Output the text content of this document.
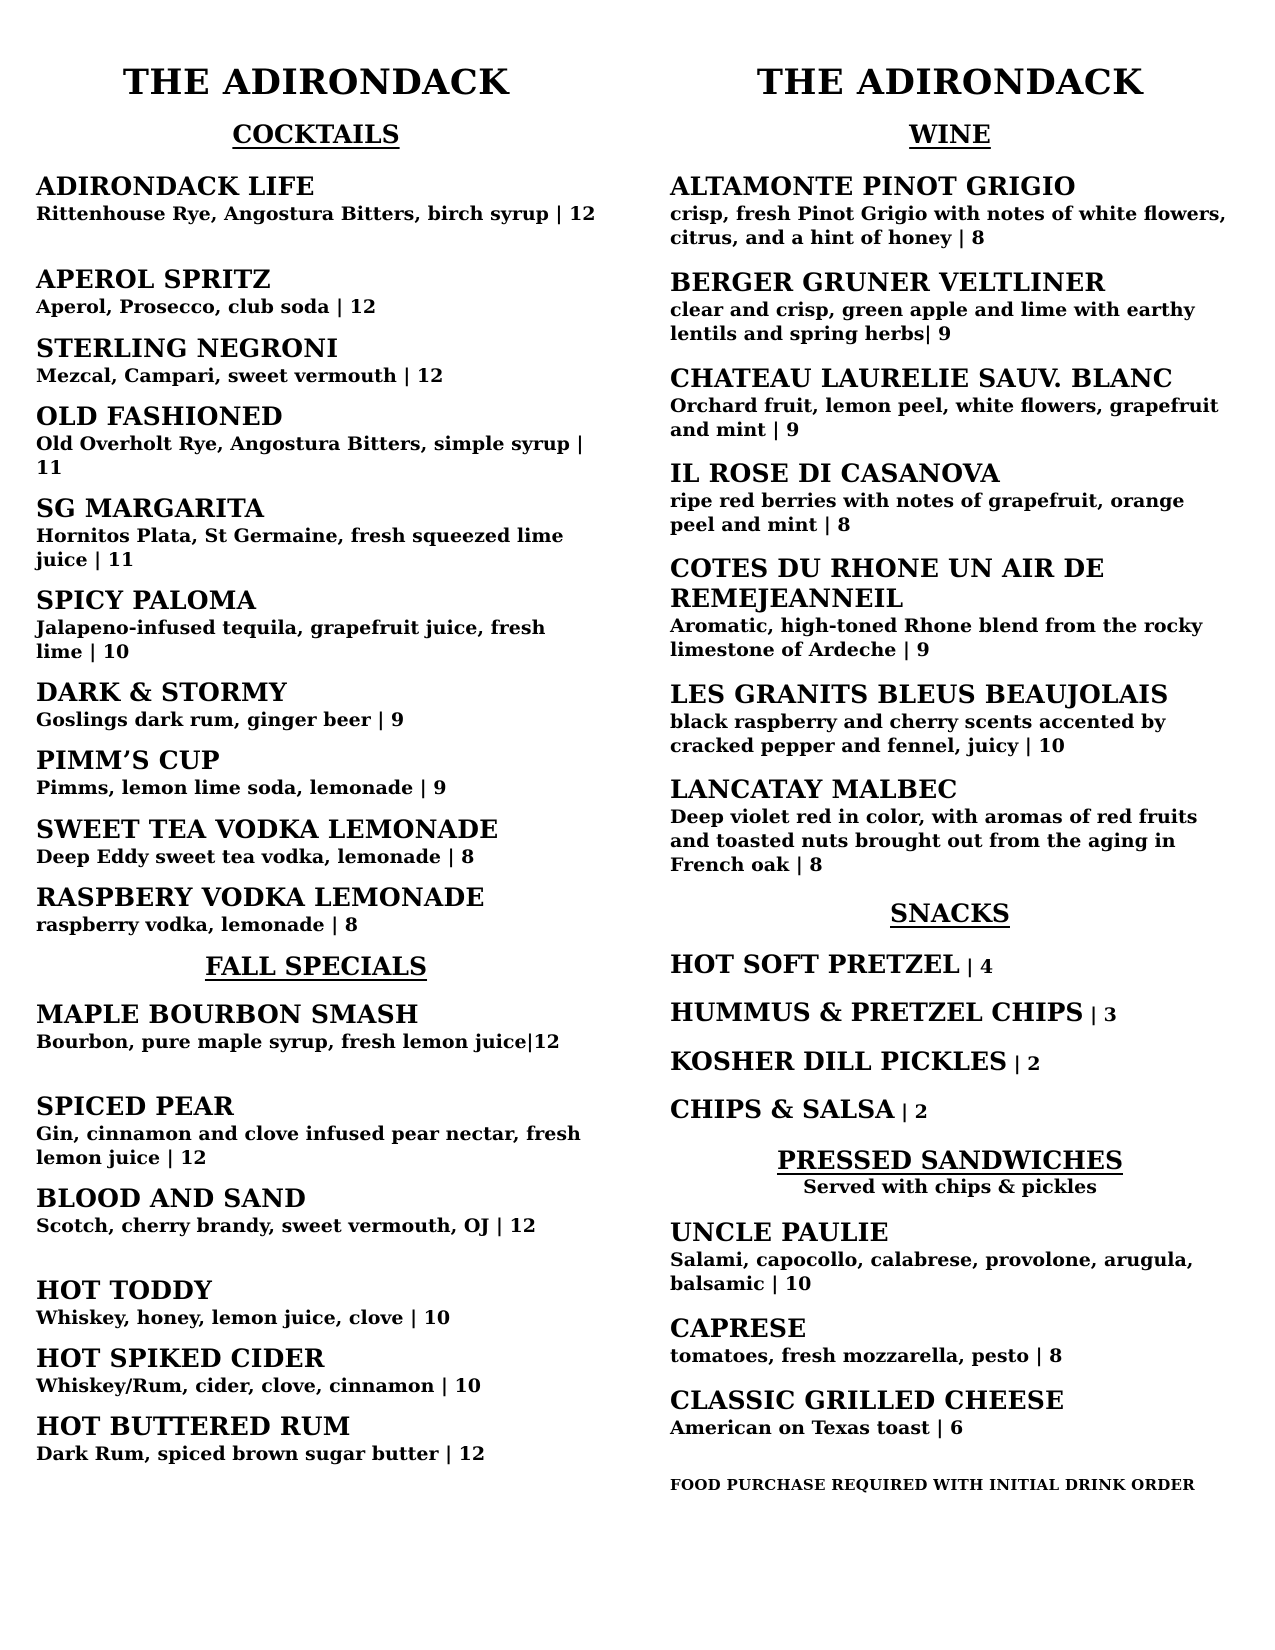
THE ADIRONDACK
COCKTAILS
ADIRONDACK LIFE
Rittenhouse Rye, Angostura Bitters, birch syrup | 12
APEROL SPRITZ
Aperol, Prosecco, club soda | 12
STERLING NEGRONI
Mezcal, Campari, sweet vermouth | 12
OLD FASHIONED
Old Overholt Rye, Angostura Bitters, simple syrup | 11
SG MARGARITA
Hornitos Plata, St Germaine, fresh squeezed lime juice | 11
SPICY PALOMA
Jalapeno-infused tequila, grapefruit juice, fresh lime | 10
DARK & STORMY
Goslings dark rum, ginger beer | 9
PIMM’S CUP
Pimms, lemon lime soda, lemonade | 9
SWEET TEA VODKA LEMONADE
Deep Eddy sweet tea vodka, lemonade | 8
RASPBERY VODKA LEMONADE
raspberry vodka, lemonade | 8
FALL SPECIALS
MAPLE BOURBON SMASH
Bourbon, pure maple syrup, fresh lemon juice|12
SPICED PEAR
Gin, cinnamon and clove infused pear nectar, fresh lemon juice | 12
BLOOD AND SAND
Scotch, cherry brandy, sweet vermouth, OJ | 12
HOT TODDY
Whiskey, honey, lemon juice, clove | 10
HOT SPIKED CIDER
Whiskey/Rum, cider, clove, cinnamon | 10
HOT BUTTERED RUM
Dark Rum, spiced brown sugar butter | 12
THE ADIRONDACK
WINE
ALTAMONTE PINOT GRIGIO
crisp, fresh Pinot Grigio with notes of white flowers, citrus, and a hint of honey | 8
BERGER GRUNER VELTLINER
clear and crisp, green apple and lime with earthy lentils and spring herbs| 9
CHATEAU LAURELIE SAUV. BLANC
Orchard fruit, lemon peel, white flowers, grapefruit and mint | 9
IL ROSE DI CASANOVA
ripe red berries with notes of grapefruit, orange peel and mint | 8
COTES DU RHONE UN AIR DE REMEJEANNEIL
Aromatic, high-toned Rhone blend from the rocky limestone of Ardeche | 9
LES GRANITS BLEUS BEAUJOLAIS
black raspberry and cherry scents accented by cracked pepper and fennel, juicy | 10
LANCATAY MALBEC
Deep violet red in color, with aromas of red fruits and toasted nuts brought out from the aging in French oak | 8
SNACKS
HOT SOFT PRETZEL | 4
HUMMUS & PRETZEL CHIPS | 3
KOSHER DILL PICKLES | 2
CHIPS & SALSA | 2
PRESSED SANDWICHES
Served with chips & pickles
UNCLE PAULIE
Salami, capocollo, calabrese, provolone, arugula, balsamic | 10
CAPRESE
tomatoes, fresh mozzarella, pesto | 8
CLASSIC GRILLED CHEESE
American on Texas toast | 6
FOOD PURCHASE REQUIRED WITH INITIAL DRINK ORDER
